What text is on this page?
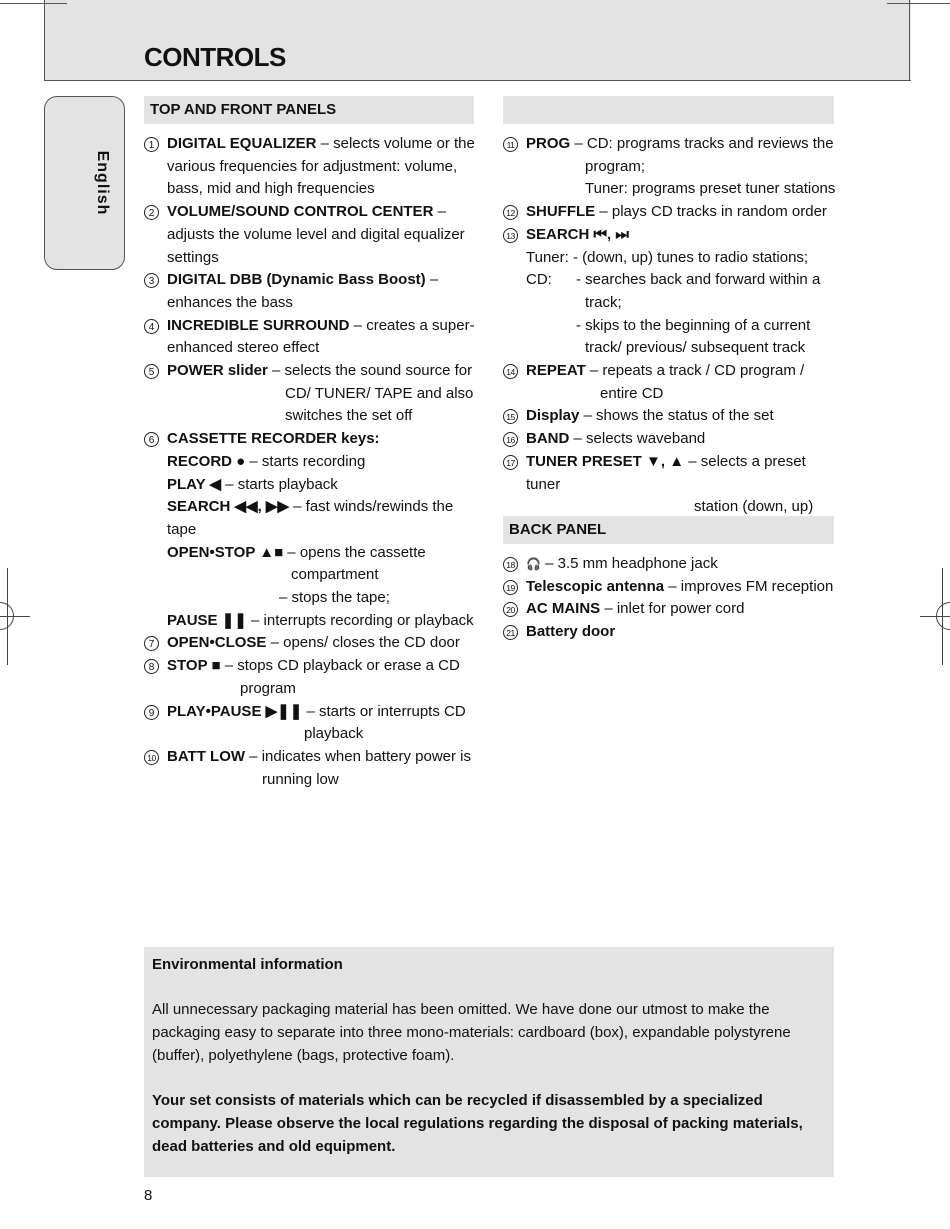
CONTROLS
English
TOP AND FRONT PANELS
BACK PANEL
1 DIGITAL EQUALIZER – selects volume or the
various frequencies for adjustment: volume,
bass, mid and high frequencies
2 VOLUME/SOUND CONTROL CENTER –
adjusts the volume level and digital equalizer
settings
3 DIGITAL DBB (Dynamic Bass Boost) –
enhances the bass
4 INCREDIBLE SURROUND – creates a super-
enhanced stereo effect
5 POWER slider – selects the sound source for
CD/ TUNER/ TAPE and also
switches the set off
6 CASSETTE RECORDER keys:
RECORD ● – starts recording
PLAY ◀ – starts playback
SEARCH ◀◀, ▶▶ – fast winds/rewinds the tape
OPEN•STOP ▲■ – opens the cassette
compartment
– stops the tape;
PAUSE ❚❚ – interrupts recording or playback
7 OPEN•CLOSE – opens/ closes the CD door
8 STOP ■ – stops CD playback or erase a CD
program
9 PLAY•PAUSE ▶❚❚ – starts or interrupts CD
playback
10 BATT LOW – indicates when battery power is
running low
11 PROG – CD: programs tracks and reviews the
program;
Tuner: programs preset tuner stations
12 SHUFFLE – plays CD tracks in random order
13 SEARCH ⏮, ⏭
Tuner: - (down, up) tunes to radio stations;
CD: - searches back and forward within a
track;
- skips to the beginning of a current
track/ previous/ subsequent track
14 REPEAT – repeats a track / CD program /
entire CD
15 Display – shows the status of the set
16 BAND – selects waveband
17 TUNER PRESET ▼, ▲ – selects a preset tuner
station (down, up)
18 🎧 – 3.5 mm headphone jack
19 Telescopic antenna – improves FM reception
20 AC MAINS – inlet for power cord
21 Battery door
Environmental information

All unnecessary packaging material has been omitted. We have done our utmost to make the packaging easy to separate into three mono-materials: cardboard (box), expandable polystyrene (buffer), polyethylene (bags, protective foam).

Your set consists of materials which can be recycled if disassembled by a specialized company. Please observe the local regulations regarding the disposal of packing materials, dead batteries and old equipment.

8
